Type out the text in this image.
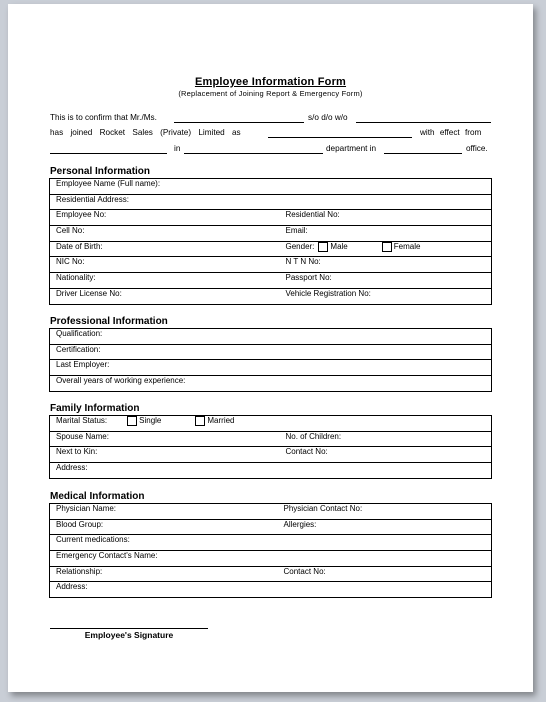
Employee Information Form
(Replacement of Joining Report & Emergency Form)
This is to confirm that Mr./Ms.	s/o d/o w/o
has joined Rocket Sales (Private) Limited as	with effect from
in	department in	office.
Personal Information
Employee Name (Full name):	
Residential Address:	
Employee No:	Residential No:
Cell No:	Email:
Date of Birth:	Gender: Male Female
NIC No:	N T N No:
Nationality:	Passport No:
Driver License No:	Vehicle Registration No:
Professional Information
Qualification:
Certification:
Last Employer:
Overall years of working experience:
Family Information
Marital Status: Single Married	
Spouse Name:	No. of Children:
Next to Kin:	Contact No:
Address:	
Medical Information
Physician Name:	Physician Contact No:
Blood Group:	Allergies:
Current medications:	
Emergency Contact's Name:	
Relationship:	Contact No:
Address:	
Employee's Signature
